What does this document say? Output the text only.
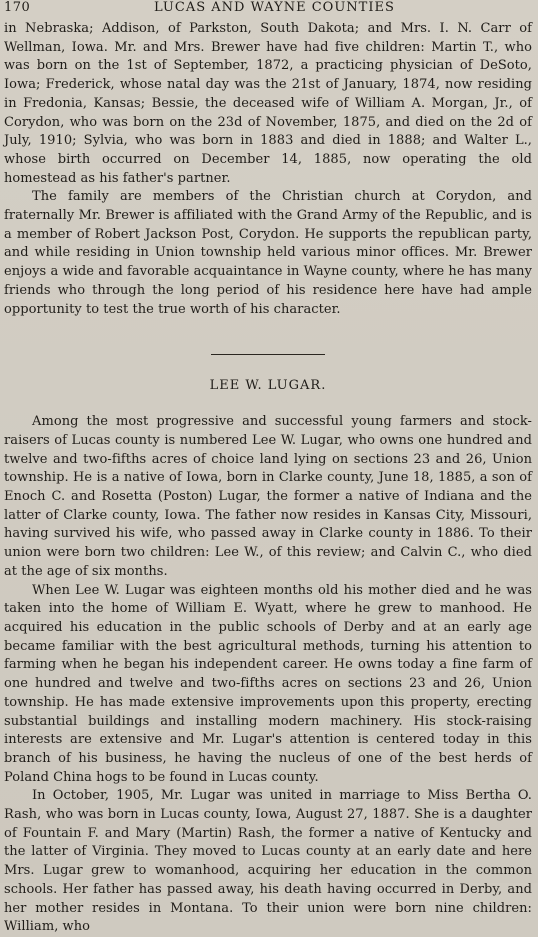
170	LUCAS AND WAYNE COUNTIES

in Nebraska; Addison, of Parkston, South Dakota; and Mrs. I. N. Carr of Wellman, Iowa. Mr. and Mrs. Brewer have had five children: Martin T., who was born on the 1st of September, 1872, a practicing physician of DeSoto, Iowa; Frederick, whose natal day was the 21st of January, 1874, now residing in Fredonia, Kansas; Bessie, the deceased wife of William A. Morgan, Jr., of Corydon, who was born on the 23d of November, 1875, and died on the 2d of July, 1910; Sylvia, who was born in 1883 and died in 1888; and Walter L., whose birth occurred on December 14, 1885, now operating the old homestead as his father's partner.

The family are members of the Christian church at Corydon, and fraternally Mr. Brewer is affiliated with the Grand Army of the Republic, and is a member of Robert Jackson Post, Corydon. He supports the republican party, and while residing in Union township held various minor offices. Mr. Brewer enjoys a wide and favorable acquaintance in Wayne county, where he has many friends who through the long period of his residence here have had ample opportunity to test the true worth of his character.

LEE W. LUGAR.

Among the most progressive and successful young farmers and stock-raisers of Lucas county is numbered Lee W. Lugar, who owns one hundred and twelve and two-fifths acres of choice land lying on sections 23 and 26, Union township. He is a native of Iowa, born in Clarke county, June 18, 1885, a son of Enoch C. and Rosetta (Poston) Lugar, the former a native of Indiana and the latter of Clarke county, Iowa. The father now resides in Kansas City, Missouri, having survived his wife, who passed away in Clarke county in 1886. To their union were born two children: Lee W., of this review; and Calvin C., who died at the age of six months.

When Lee W. Lugar was eighteen months old his mother died and he was taken into the home of William E. Wyatt, where he grew to manhood. He acquired his education in the public schools of Derby and at an early age became familiar with the best agricultural methods, turning his attention to farming when he began his independent career. He owns today a fine farm of one hundred and twelve and two-fifths acres on sections 23 and 26, Union township. He has made extensive improvements upon this property, erecting substantial buildings and installing modern machinery. His stock-raising interests are extensive and Mr. Lugar's attention is centered today in this branch of his business, he having the nucleus of one of the best herds of Poland China hogs to be found in Lucas county.

In October, 1905, Mr. Lugar was united in marriage to Miss Bertha O. Rash, who was born in Lucas county, Iowa, August 27, 1887. She is a daughter of Fountain F. and Mary (Martin) Rash, the former a native of Kentucky and the latter of Virginia. They moved to Lucas county at an early date and here Mrs. Lugar grew to womanhood, acquiring her education in the common schools. Her father has passed away, his death having occurred in Derby, and her mother resides in Montana. To their union were born nine children: William, who
